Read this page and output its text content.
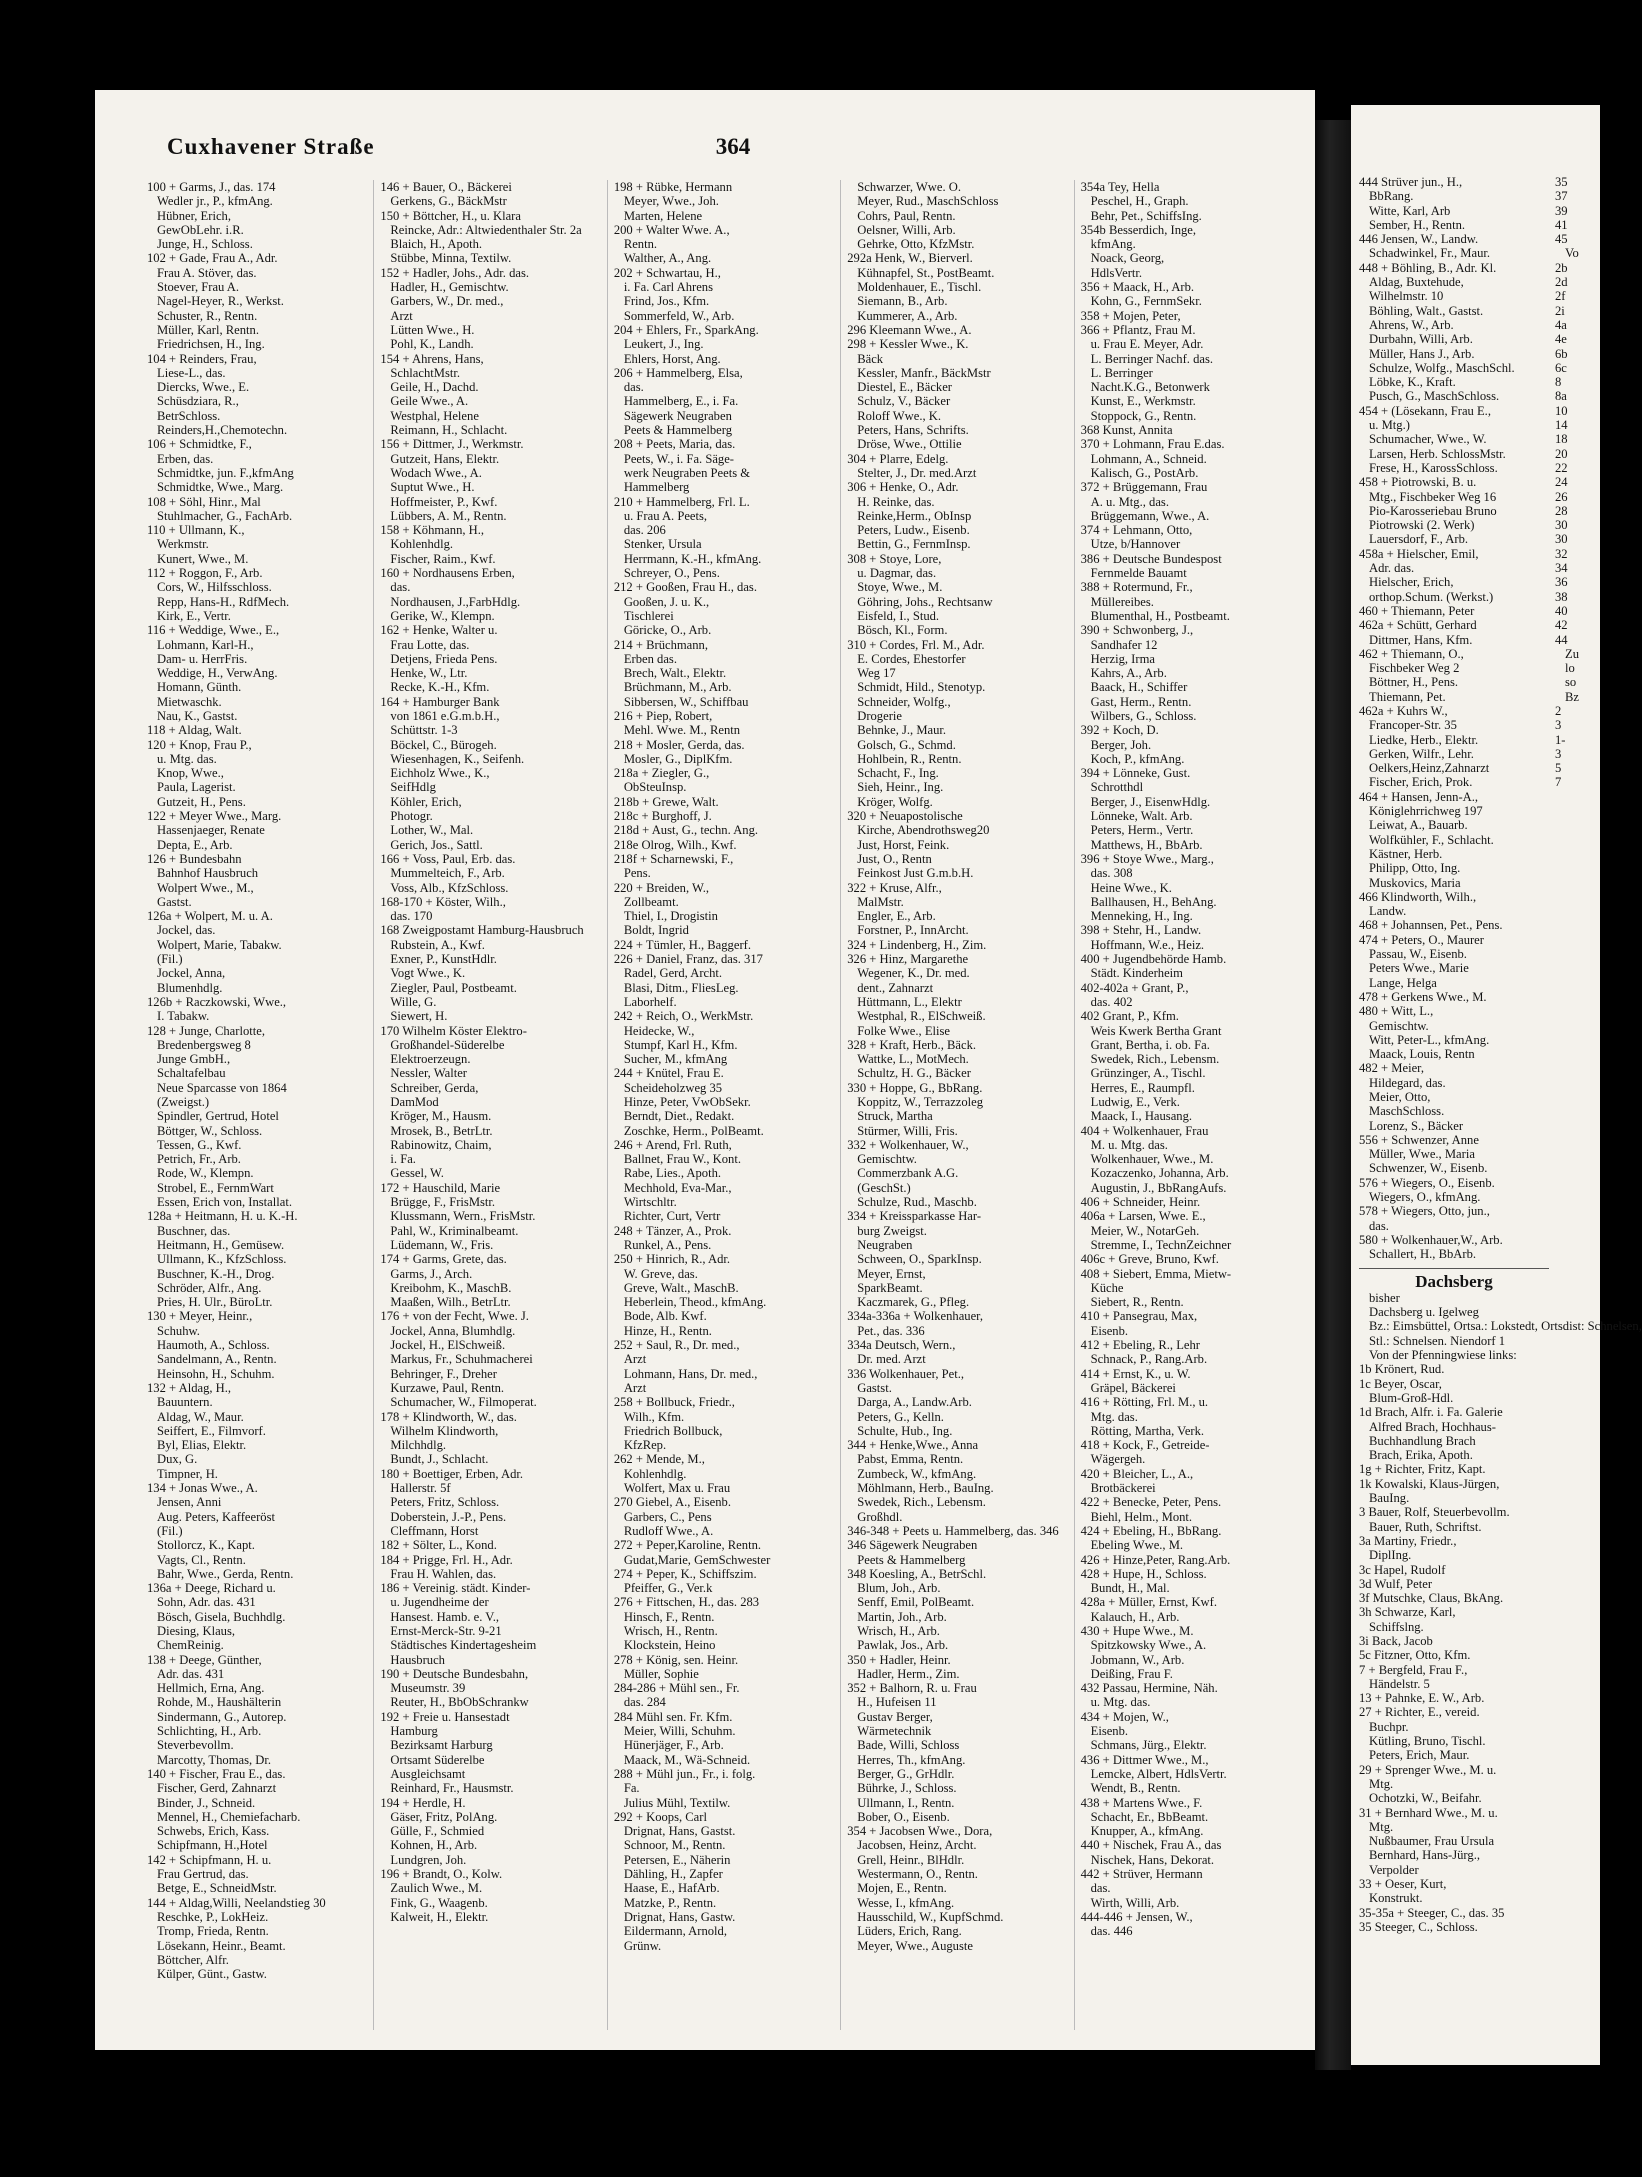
Cuxhavener Straße	364
100 + Garms, J., das. 174
Wedler jr., P., kfmAng.
Hübner, Erich,
GewObLehr. i.R.
Junge, H., Schloss.
102 + Gade, Frau A., Adr.
Frau A. Stöver, das.
Stoever, Frau A.
Nagel-Heyer, R., Werkst.
Schuster, R., Rentn.
Müller, Karl, Rentn.
Friedrichsen, H., Ing.
104 + Reinders, Frau,
Liese-L., das.
Diercks, Wwe., E.
Schüsdziara, R.,
BetrSchloss.
Reinders,H.,Chemotechn.
106 + Schmidtke, F.,
Erben, das.
Schmidtke, jun. F.,kfmAng
Schmidtke, Wwe., Marg.
108 + Söhl, Hinr., Mal
Stuhlmacher, G., FachArb.
110 + Ullmann, K.,
Werkmstr.
Kunert, Wwe., M.
112 + Roggon, F., Arb.
Cors, W., Hilfsschloss.
Repp, Hans-H., RdfMech.
Kirk, E., Vertr.
116 + Weddige, Wwe., E.,
Lohmann, Karl-H.,
Dam- u. HerrFris.
Weddige, H., VerwAng.
Homann, Günth.
Mietwaschk.
Nau, K., Gastst.
118 + Aldag, Walt.
120 + Knop, Frau P.,
u. Mtg. das.
Knop, Wwe.,
Paula, Lagerist.
Gutzeit, H., Pens.
122 + Meyer Wwe., Marg.
Hassenjaeger, Renate
Depta, E., Arb.
126 + Bundesbahn
Bahnhof Hausbruch
Wolpert Wwe., M.,
Gastst.
126a + Wolpert, M. u. A.
Jockel, das.
Wolpert, Marie, Tabakw.
(Fil.)
Jockel, Anna,
Blumenhdlg.
126b + Raczkowski, Wwe.,
I. Tabakw.
128 + Junge, Charlotte,
Bredenbergsweg 8
Junge GmbH.,
Schaltafelbau
Neue Sparcasse von 1864
(Zweigst.)
Spindler, Gertrud, Hotel
Böttger, W., Schloss.
Tessen, G., Kwf.
Petrich, Fr., Arb.
Rode, W., Klempn.
Strobel, E., FernmWart
Essen, Erich von, Installat.
128a + Heitmann, H. u. K.-H.
Buschner, das.
Heitmann, H., Gemüsew.
Ullmann, K., KfzSchloss.
Buschner, K.-H., Drog.
Schröder, Alfr., Ang.
Pries, H. Ulr., BüroLtr.
130 + Meyer, Heinr.,
Schuhw.
Haumoth, A., Schloss.
Sandelmann, A., Rentn.
Heinsohn, H., Schuhm.
132 + Aldag, H.,
Bauuntern.
Aldag, W., Maur.
Seiffert, E., Filmvorf.
Byl, Elias, Elektr.
Dux, G.
Timpner, H.
134 + Jonas Wwe., A.
Jensen, Anni
Aug. Peters, Kaffeeröst
(Fil.)
Stollorcz, K., Kapt.
Vagts, Cl., Rentn.
Bahr, Wwe., Gerda, Rentn.
136a + Deege, Richard u.
Sohn, Adr. das. 431
Bösch, Gisela, Buchhdlg.
Diesing, Klaus,
ChemReinig.
138 + Deege, Günther,
Adr. das. 431
Hellmich, Erna, Ang.
Rohde, M., Haushälterin
Sindermann, G., Autorep.
Schlichting, H., Arb.
Steverbevollm.
Marcotty, Thomas, Dr.
140 + Fischer, Frau E., das.
Fischer, Gerd, Zahnarzt
Binder, J., Schneid.
Mennel, H., Chemiefacharb.
Schwebs, Erich, Kass.
Schipfmann, H.,Hotel
142 + Schipfmann, H. u.
Frau Gertrud, das.
Betge, E., SchneidMstr.
144 + Aldag,Willi, Neelandstieg 30
Reschke, P., LokHeiz.
Tromp, Frieda, Rentn.
Lösekann, Heinr., Beamt.
Böttcher, Alfr.
Külper, Günt., Gastw.
146 + Bauer, O., Bäckerei
Gerkens, G., BäckMstr
150 + Böttcher, H., u. Klara
Reincke, Adr.: Altwiedenthaler Str. 2a
Blaich, H., Apoth.
Stübbe, Minna, Textilw.
152 + Hadler, Johs., Adr. das.
Hadler, H., Gemischtw.
Garbers, W., Dr. med.,
Arzt
Lütten Wwe., H.
Pohl, K., Landh.
154 + Ahrens, Hans,
SchlachtMstr.
Geile, H., Dachd.
Geile Wwe., A.
Westphal, Helene
Reimann, H., Schlacht.
156 + Dittmer, J., Werkmstr.
Gutzeit, Hans, Elektr.
Wodach Wwe., A.
Suptut Wwe., H.
Hoffmeister, P., Kwf.
Lübbers, A. M., Rentn.
158 + Köhmann, H.,
Kohlenhdlg.
Fischer, Raim., Kwf.
160 + Nordhausens Erben,
das.
Nordhausen, J.,FarbHdlg.
Gerike, W., Klempn.
162 + Henke, Walter u.
Frau Lotte, das.
Detjens, Frieda Pens.
Henke, W., Ltr.
Recke, K.-H., Kfm.
164 + Hamburger Bank
von 1861 e.G.m.b.H.,
Schüttstr. 1-3
Böckel, C., Bürogeh.
Wiesenhagen, K., Seifenh.
Eichholz Wwe., K.,
SeifHdlg
Köhler, Erich,
Photogr.
Lother, W., Mal.
Gerich, Jos., Sattl.
166 + Voss, Paul, Erb. das.
Mummelteich, F., Arb.
Voss, Alb., KfzSchloss.
168-170 + Köster, Wilh.,
das. 170
168 Zweigpostamt Hamburg-Hausbruch
Rubstein, A., Kwf.
Exner, P., KunstHdlr.
Vogt Wwe., K.
Ziegler, Paul, Postbeamt.
Wille, G.
Siewert, H.
170 Wilhelm Köster Elektro-
Großhandel-Süderelbe
Elektroerzeugn.
Nessler, Walter
Schreiber, Gerda,
DamMod
Kröger, M., Hausm.
Mrosek, B., BetrLtr.
Rabinowitz, Chaim,
i. Fa.
Gessel, W.
172 + Hauschild, Marie
Brügge, F., FrisMstr.
Klussmann, Wern., FrisMstr.
Pahl, W., Kriminalbeamt.
Lüdemann, W., Fris.
174 + Garms, Grete, das.
Garms, J., Arch.
Kreibohm, K., MaschB.
Maaßen, Wilh., BetrLtr.
176 + von der Fecht, Wwe. J.
Jockel, Anna, Blumhdlg.
Jockel, H., ElSchweiß.
Markus, Fr., Schuhmacherei
Behringer, F., Dreher
Kurzawe, Paul, Rentn.
Schumacher, W., Filmoperat.
178 + Klindworth, W., das.
Wilhelm Klindworth,
Milchhdlg.
Bundt, J., Schlacht.
180 + Boettiger, Erben, Adr.
Hallerstr. 5f
Peters, Fritz, Schloss.
Doberstein, J.-P., Pens.
Cleffmann, Horst
182 + Sölter, L., Kond.
184 + Prigge, Frl. H., Adr.
Frau H. Wahlen, das.
186 + Vereinig. städt. Kinder-
u. Jugendheime der
Hansest. Hamb. e. V.,
Ernst-Merck-Str. 9-21
Städtisches Kindertagesheim
Hausbruch
190 + Deutsche Bundesbahn,
Museumstr. 39
Reuter, H., BbObSchrankw
192 + Freie u. Hansestadt
Hamburg
Bezirksamt Harburg
Ortsamt Süderelbe
Ausgleichsamt
Reinhard, Fr., Hausmstr.
194 + Herdle, H.
Gäser, Fritz, PolAng.
Gülle, F., Schmied
Kohnen, H., Arb.
Lundgren, Joh.
196 + Brandt, O., Kolw.
Zaulich Wwe., M.
Fink, G., Waagenb.
Kalweit, H., Elektr.
198 + Rübke, Hermann
Meyer, Wwe., Joh.
Marten, Helene
200 + Walter Wwe. A.,
Rentn.
Walther, A., Ang.
202 + Schwartau, H.,
i. Fa. Carl Ahrens
Frind, Jos., Kfm.
Sommerfeld, W., Arb.
204 + Ehlers, Fr., SparkAng.
Leukert, J., Ing.
Ehlers, Horst, Ang.
206 + Hammelberg, Elsa,
das.
Hammelberg, E., i. Fa.
Sägewerk Neugraben
Peets & Hammelberg
208 + Peets, Maria, das.
Peets, W., i. Fa. Säge-
werk Neugraben Peets &
Hammelberg
210 + Hammelberg, Frl. L.
u. Frau A. Peets,
das. 206
Stenker, Ursula
Herrmann, K.-H., kfmAng.
Schreyer, O., Pens.
212 + Gooßen, Frau H., das.
Gooßen, J. u. K.,
Tischlerei
Göricke, O., Arb.
214 + Brüchmann,
Erben das.
Brech, Walt., Elektr.
Brüchmann, M., Arb.
Sibbersen, W., Schiffbau
216 + Piep, Robert,
Mehl. Wwe. M., Rentn
218 + Mosler, Gerda, das.
Mosler, G., DiplKfm.
218a + Ziegler, G.,
ObSteuInsp.
218b + Grewe, Walt.
218c + Burghoff, J.
218d + Aust, G., techn. Ang.
218e Olrog, Wilh., Kwf.
218f + Scharnewski, F.,
Pens.
220 + Breiden, W.,
Zollbeamt.
Thiel, I., Drogistin
Boldt, Ingrid
224 + Tümler, H., Baggerf.
226 + Daniel, Franz, das. 317
Radel, Gerd, Archt.
Blasi, Ditm., FliesLeg.
Laborhelf.
242 + Reich, O., WerkMstr.
Heidecke, W.,
Stumpf, Karl H., Kfm.
Sucher, M., kfmAng
244 + Knütel, Frau E.
Scheideholzweg 35
Hinze, Peter, VwObSekr.
Berndt, Diet., Redakt.
Zoschke, Herm., PolBeamt.
246 + Arend, Frl. Ruth,
Ballnet, Frau W., Kont.
Rabe, Lies., Apoth.
Mechhold, Eva-Mar.,
Wirtschltr.
Richter, Curt, Vertr
248 + Tänzer, A., Prok.
Runkel, A., Pens.
250 + Hinrich, R., Adr.
W. Greve, das.
Greve, Walt., MaschB.
Heberlein, Theod., kfmAng.
Bode, Alb. Kwf.
Hinze, H., Rentn.
252 + Saul, R., Dr. med.,
Arzt
Lohmann, Hans, Dr. med.,
Arzt
258 + Bollbuck, Friedr.,
Wilh., Kfm.
Friedrich Bollbuck,
KfzRep.
262 + Mende, M.,
Kohlenhdlg.
Wolfert, Max u. Frau
270 Giebel, A., Eisenb.
Garbers, C., Pens
Rudloff Wwe., A.
272 + Peper,Karoline, Rentn.
Gudat,Marie, GemSchwester
274 + Peper, K., Schiffszim.
Pfeiffer, G., Ver.k
276 + Fittschen, H., das. 283
Hinsch, F., Rentn.
Wrisch, H., Rentn.
Klockstein, Heino
278 + König, sen. Heinr.
Müller, Sophie
284-286 + Mühl sen., Fr.
das. 284
284 Mühl sen. Fr. Kfm.
Meier, Willi, Schuhm.
Hünerjäger, F., Arb.
Maack, M., Wä-Schneid.
288 + Mühl jun., Fr., i. folg.
Fa.
Julius Mühl, Textilw.
292 + Koops, Carl
Drignat, Hans, Gastst.
Schnoor, M., Rentn.
Petersen, E., Näherin
Dähling, H., Zapfer
Haase, E., HafArb.
Matzke, P., Rentn.
Drignat, Hans, Gastw.
Eildermann, Arnold,
Grünw.
Schwarzer, Wwe. O.
Meyer, Rud., MaschSchloss
Cohrs, Paul, Rentn.
Oelsner, Willi, Arb.
Gehrke, Otto, KfzMstr.
292a Henk, W., Bierverl.
Kühnapfel, St., PostBeamt.
Moldenhauer, E., Tischl.
Siemann, B., Arb.
Kummerer, A., Arb.
296 Kleemann Wwe., A.
298 + Kessler Wwe., K.
Bäck
Kessler, Manfr., BäckMstr
Diestel, E., Bäcker
Schulz, V., Bäcker
Roloff Wwe., K.
Peters, Hans, Schrifts.
Dröse, Wwe., Ottilie
304 + Plarre, Edelg.
Stelter, J., Dr. med.Arzt
306 + Henke, O., Adr.
H. Reinke, das.
Reinke,Herm., ObInsp
Peters, Ludw., Eisenb.
Bettin, G., FernmInsp.
308 + Stoye, Lore,
u. Dagmar, das.
Stoye, Wwe., M.
Göhring, Johs., Rechtsanw
Eisfeld, I., Stud.
Bösch, Kl., Form.
310 + Cordes, Frl. M., Adr.
E. Cordes, Ehestorfer
Weg 17
Schmidt, Hild., Stenotyp.
Schneider, Wolfg.,
Drogerie
Behnke, J., Maur.
Golsch, G., Schmd.
Hohlbein, R., Rentn.
Schacht, F., Ing.
Sieh, Heinr., Ing.
Kröger, Wolfg.
320 + Neuapostolische
Kirche, Abendrothsweg20
Just, Horst, Feink.
Just, O., Rentn
Feinkost Just G.m.b.H.
322 + Kruse, Alfr.,
MalMstr.
Engler, E., Arb.
Forstner, P., InnArcht.
324 + Lindenberg, H., Zim.
326 + Hinz, Margarethe
Wegener, K., Dr. med.
dent., Zahnarzt
Hüttmann, L., Elektr
Westphal, R., ElSchweiß.
Folke Wwe., Elise
328 + Kraft, Herb., Bäck.
Wattke, L., MotMech.
Schultz, H. G., Bäcker
330 + Hoppe, G., BbRang.
Koppitz, W., Terrazzoleg
Struck, Martha
Stürmer, Willi, Fris.
332 + Wolkenhauer, W.,
Gemischtw.
Commerzbank A.G.
(GeschSt.)
Schulze, Rud., Maschb.
334 + Kreissparkasse Har-
burg Zweigst.
Neugraben
Schween, O., SparkInsp.
Meyer, Ernst,
SparkBeamt.
Kaczmarek, G., Pfleg.
334a-336a + Wolkenhauer,
Pet., das. 336
334a Deutsch, Wern.,
Dr. med. Arzt
336 Wolkenhauer, Pet.,
Gastst.
Darga, A., Landw.Arb.
Peters, G., Kelln.
Schulte, Hub., Ing.
344 + Henke,Wwe., Anna
Pabst, Emma, Rentn.
Zumbeck, W., kfmAng.
Möhlmann, Herb., BauIng.
Swedek, Rich., Lebensm.
Großhdl.
346-348 + Peets u. Hammelberg, das. 346
346 Sägewerk Neugraben
Peets & Hammelberg
348 Koesling, A., BetrSchl.
Blum, Joh., Arb.
Senff, Emil, PolBeamt.
Martin, Joh., Arb.
Wrisch, H., Arb.
Pawlak, Jos., Arb.
350 + Hadler, Heinr.
Hadler, Herm., Zim.
352 + Balhorn, R. u. Frau
H., Hufeisen 11
Gustav Berger,
Wärmetechnik
Bade, Willi, Schloss
Herres, Th., kfmAng.
Berger, G., GrHdlr.
Bührke, J., Schloss.
Ullmann, I., Rentn.
Bober, O., Eisenb.
354 + Jacobsen Wwe., Dora,
Jacobsen, Heinz, Archt.
Grell, Heinr., BlHdlr.
Westermann, O., Rentn.
Mojen, E., Rentn.
Wesse, I., kfmAng.
Hausschild, W., KupfSchmd.
Lüders, Erich, Rang.
Meyer, Wwe., Auguste
354a Tey, Hella
Peschel, H., Graph.
Behr, Pet., SchiffsIng.
354b Besserdich, Inge,
kfmAng.
Noack, Georg,
HdlsVertr.
356 + Maack, H., Arb.
Kohn, G., FernmSekr.
358 + Mojen, Peter,
366 + Pflantz, Frau M.
u. Frau E. Meyer, Adr.
L. Berringer Nachf. das.
L. Berringer
Nacht.K.G., Betonwerk
Kunst, E., Werkmstr.
Stoppock, G., Rentn.
368 Kunst, Annita
370 + Lohmann, Frau E.das.
Lohmann, A., Schneid.
Kalisch, G., PostArb.
372 + Brüggemann, Frau
A. u. Mtg., das.
Brüggemann, Wwe., A.
374 + Lehmann, Otto,
Utze, b/Hannover
386 + Deutsche Bundespost
Fernmelde Bauamt
388 + Rotermund, Fr.,
Müllereibes.
Blumenthal, H., Postbeamt.
390 + Schwonberg, J.,
Sandhafer 12
Herzig, Irma
Kahrs, A., Arb.
Baack, H., Schiffer
Gast, Herm., Rentn.
Wilbers, G., Schloss.
392 + Koch, D.
Berger, Joh.
Koch, P., kfmAng.
394 + Lönneke, Gust.
Schrotthdl
Berger, J., EisenwHdlg.
Lönneke, Walt. Arb.
Peters, Herm., Vertr.
Matthews, H., BbArb.
396 + Stoye Wwe., Marg.,
das. 308
Heine Wwe., K.
Ballhausen, H., BehAng.
Menneking, H., Ing.
398 + Stehr, H., Landw.
Hoffmann, W.e., Heiz.
400 + Jugendbehörde Hamb.
Städt. Kinderheim
402-402a + Grant, P.,
das. 402
402 Grant, P., Kfm.
Weis Kwerk Bertha Grant
Grant, Bertha, i. ob. Fa.
Swedek, Rich., Lebensm.
Grünzinger, A., Tischl.
Herres, E., Raumpfl.
Ludwig, E., Verk.
Maack, I., Hausang.
404 + Wolkenhauer, Frau
M. u. Mtg. das.
Wolkenhauer, Wwe., M.
Kozaczenko, Johanna, Arb.
Augustin, J., BbRangAufs.
406 + Schneider, Heinr.
406a + Larsen, Wwe. E.,
Meier, W., NotarGeh.
Stremme, I., TechnZeichner
406c + Greve, Bruno, Kwf.
408 + Siebert, Emma, Mietw-
Küche
Siebert, R., Rentn.
410 + Pansegrau, Max,
Eisenb.
412 + Ebeling, R., Lehr
Schnack, P., Rang.Arb.
414 + Ernst, K., u. W.
Gräpel, Bäckerei
416 + Rötting, Frl. M., u.
Mtg. das.
Rötting, Martha, Verk.
418 + Kock, F., Getreide-
Wägergeh.
420 + Bleicher, L., A.,
Brotbäckerei
422 + Benecke, Peter, Pens.
Biehl, Helm., Mont.
424 + Ebeling, H., BbRang.
Ebeling Wwe., M.
426 + Hinze,Peter, Rang.Arb.
428 + Hupe, H., Schloss.
Bundt, H., Mal.
428a + Müller, Ernst, Kwf.
Kalauch, H., Arb.
430 + Hupe Wwe., M.
Spitzkowsky Wwe., A.
Jobmann, W., Arb.
Deißing, Frau F.
432 Passau, Hermine, Näh.
u. Mtg. das.
434 + Mojen, W.,
Eisenb.
Schmans, Jürg., Elektr.
436 + Dittmer Wwe., M.,
Lemcke, Albert, HdlsVertr.
Wendt, B., Rentn.
438 + Martens Wwe., F.
Schacht, Er., BbBeamt.
Knupper, A., kfmAng.
440 + Nischek, Frau A., das
Nischek, Hans, Dekorat.
442 + Strüver, Hermann
das.
Wirth, Willi, Arb.
444-446 + Jensen, W.,
das. 446
444 Strüver jun., H.,
BbRang.
Witte, Karl, Arb
Sember, H., Rentn.
446 Jensen, W., Landw.
Schadwinkel, Fr., Maur.
448 + Böhling, B., Adr. Kl.
Aldag, Buxtehude,
Wilhelmstr. 10
Böhling, Walt., Gastst.
Ahrens, W., Arb.
Durbahn, Willi, Arb.
Müller, Hans J., Arb.
Schulze, Wolfg., MaschSchl.
Löbke, K., Kraft.
Pusch, G., MaschSchloss.
454 + (Lösekann, Frau E.,
u. Mtg.)
Schumacher, Wwe., W.
Larsen, Herb. SchlossMstr.
Frese, H., KarossSchloss.
458 + Piotrowski, B. u.
Mtg., Fischbeker Weg 16
Pio-Karosseriebau Bruno
Piotrowski (2. Werk)
Lauersdorf, F., Arb.
458a + Hielscher, Emil,
Adr. das.
Hielscher, Erich,
orthop.Schum. (Werkst.)
460 + Thiemann, Peter
462a + Schütt, Gerhard
Dittmer, Hans, Kfm.
462 + Thiemann, O.,
Fischbeker Weg 2
Böttner, H., Pens.
Thiemann, Pet.
462a + Kuhrs W.,
Francoper-Str. 35
Liedke, Herb., Elektr.
Gerken, Wilfr., Lehr.
Oelkers,Heinz,Zahnarzt
Fischer, Erich, Prok.
464 + Hansen, Jenn-A.,
Königlehrrichweg 197
Leiwat, A., Bauarb.
Wolfkühler, F., Schlacht.
Kästner, Herb.
Philipp, Otto, Ing.
Muskovics, Maria
466 Klindworth, Wilh.,
Landw.
468 + Johannsen, Pet., Pens.
474 + Peters, O., Maurer
Passau, W., Eisenb.
Peters Wwe., Marie
Lange, Helga
478 + Gerkens Wwe., M.
480 + Witt, L.,
Gemischtw.
Witt, Peter-L., kfmAng.
Maack, Louis, Rentn
482 + Meier,
Hildegard, das.
Meier, Otto,
MaschSchloss.
Lorenz, S., Bäcker
556 + Schwenzer, Anne
Müller, Wwe., Maria
Schwenzer, W., Eisenb.
576 + Wiegers, O., Eisenb.
Wiegers, O., kfmAng.
578 + Wiegers, Otto, jun.,
das.
580 + Wolkenhauer,W., Arb.
Schallert, H., BbArb.
Dachsberg
bisher
Dachsberg u. Igelweg
Bz.: Eimsbüttel, Ortsa.: Lokstedt, Ortsdist: Schnelsen,
Stl.: Schnelsen. Niendorf 1
Von der Pfenningwiese links:
1b Krönert, Rud.
1c Beyer, Oscar,
Blum-Groß-Hdl.
1d Brach, Alfr. i. Fa. Galerie
Alfred Brach, Hochhaus-
Buchhandlung Brach
Brach, Erika, Apoth.
1g + Richter, Fritz, Kapt.
1k Kowalski, Klaus-Jürgen,
BauIng.
3 Bauer, Rolf, Steuerbevollm.
Bauer, Ruth, Schriftst.
3a Martiny, Friedr.,
DiplIng.
3c Hapel, Rudolf
3d Wulf, Peter
3f Mutschke, Claus, BkAng.
3h Schwarze, Karl,
Schiffslng.
3i Back, Jacob
5c Fitzner, Otto, Kfm.
7 + Bergfeld, Frau F.,
Händelstr. 5
13 + Pahnke, E. W., Arb.
27 + Richter, E., vereid.
Buchpr.
Kütling, Bruno, Tischl.
Peters, Erich, Maur.
29 + Sprenger Wwe., M. u.
Mtg.
Ochotzki, W., Beifahr.
31 + Bernhard Wwe., M. u.
Mtg.
Nußbaumer, Frau Ursula
Bernhard, Hans-Jürg.,
Verpolder
33 + Oeser, Kurt,
Konstrukt.
35-35a + Steeger, C., das. 35
35 Steeger, C., Schloss.
35
37
39
41
45
Vo
2b
2d
2f
2i
4a
4e
6b
6c
8
8a
10
14
18
20
22
24
26
28
30
30
32
34
36
38
40
42
44
Zu
lo
so
Bz
2
3
1-
3
5
7
